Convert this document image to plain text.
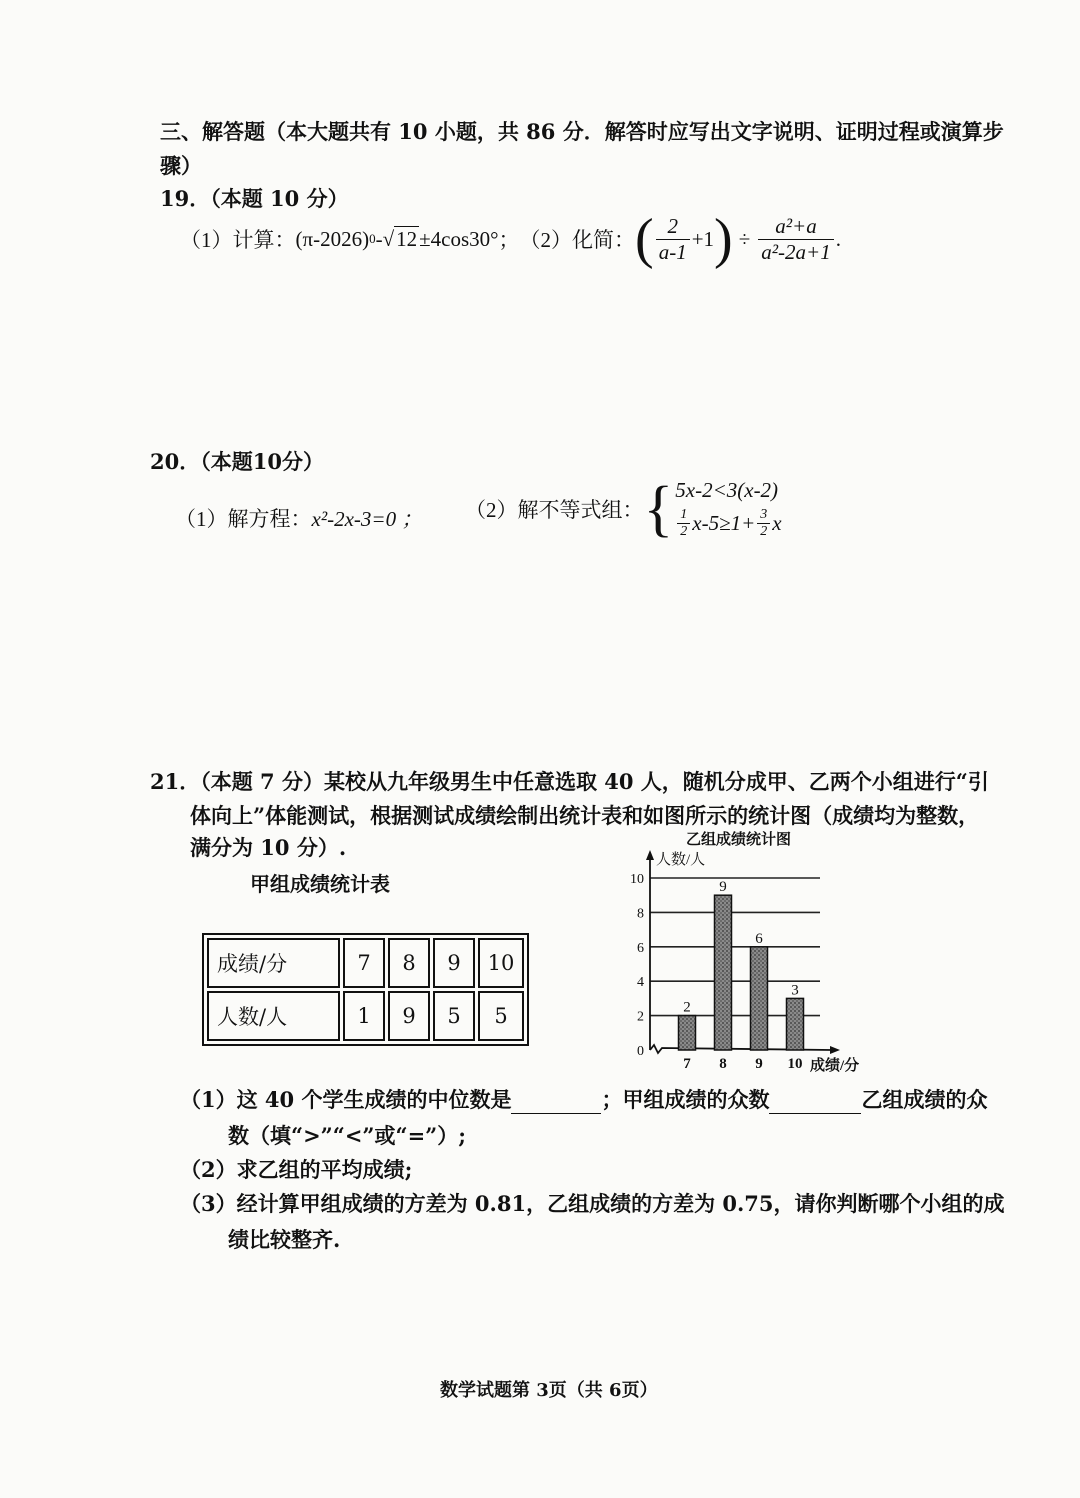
三、解答题（本大题共有 10 小题，共 86 分．解答时应写出文字说明、证明过程或演算步
骤）
19．（本题 10 分）
（1）计算： (π-2026) 0 - √ 12 ±4cos30° ； （2）化简： ( $\frac{2}{a-1} +1$ ) ÷ $\frac{\text{a²+a}}{\text{a²-2a+1}}$ .
20．（本题10分）
（1）解方程：x²-2x-3=0 ； （2）解不等式组： { 5x-2<3(x-2)
$\frac{1}{2} x-5\ge 1+ \frac{3}{2}$ x
21．（本题 7 分）某校从九年级男生中任意选取 40 人，随机分成甲、乙两个小组进行“引
体向上”体能测试，根据测试成绩绘制出统计表和如图所示的统计图（成绩均为整数，
满分为 10 分）.
甲组成绩统计表
成绩/分	7	8	9	10
人数/人	1	9	5	5
乙组成绩统计图
人数/人
0
2
4
6
8
10
2
7
9
8
6
9
3
10 成绩/分
（1）这 40 个学生成绩的中位数是	；甲组成绩的众数	乙组成绩的众
数（填“>”“<”或“=”）;
（2）求乙组的平均成绩;
（3）经计算甲组成绩的方差为 0.81，乙组成绩的方差为 0.75，请你判断哪个小组的成
绩比较整齐.
数学试题第 3页（共 6页）
